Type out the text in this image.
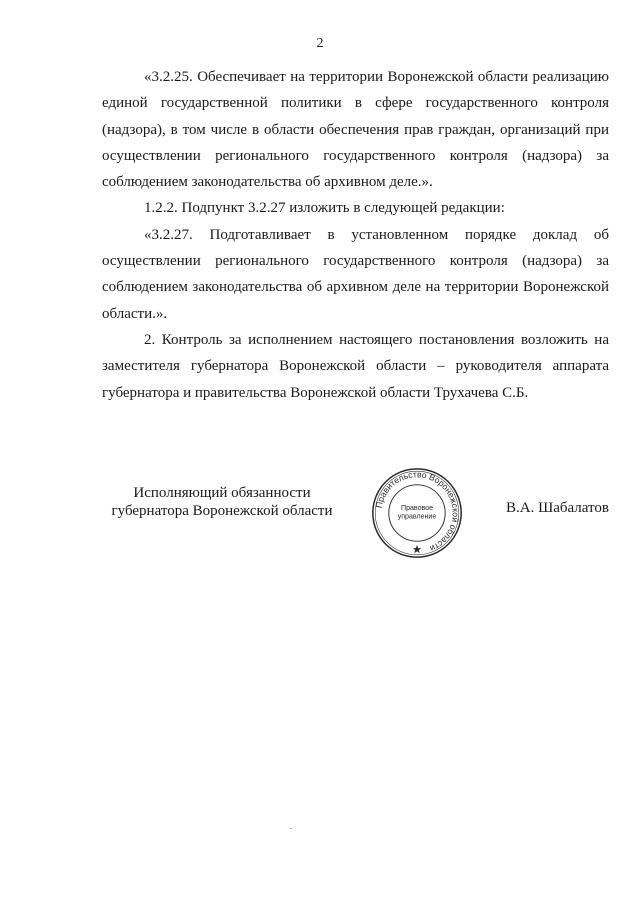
2

«3.2.25. Обеспечивает на территории Воронежской области реализацию единой государственной политики в сфере государственного контроля (надзора), в том числе в области обеспечения прав граждан, организаций при осуществлении регионального государственного контроля (надзора) за соблюдением законодательства об архивном деле.».

1.2.2. Подпункт 3.2.27 изложить в следующей редакции:

«3.2.27. Подготавливает в установленном порядке доклад об осуществлении регионального государственного контроля (надзора) за соблюдением законодательства об архивном деле на территории Воронежской области.».

2. Контроль за исполнением настоящего постановления возложить на заместителя губернатора Воронежской области – руководителя аппарата губернатора и правительства Воронежской области Трухачева С.Б.

Исполняющий обязанности
губернатора Воронежской области	Правительство Воронежской области
Правовое
управление
В.А. Шабалатов
